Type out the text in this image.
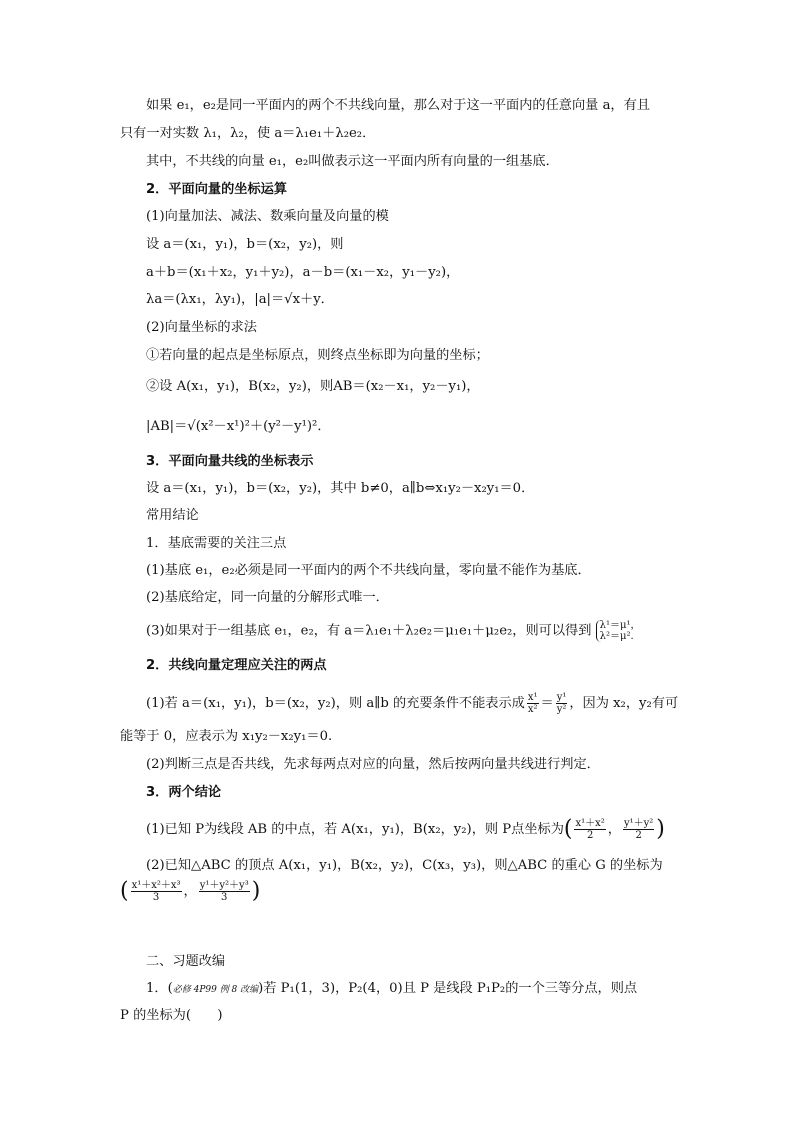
如果 e₁，e₂是同一平面内的两个不共线向量，那么对于这一平面内的任意向量 a，有且
只有一对实数 λ₁，λ₂，使 a＝λ₁e₁＋λ₂e₂．
其中，不共线的向量 e₁，e₂叫做表示这一平面内所有向量的一组基底．
2．平面向量的坐标运算
(1)向量加法、减法、数乘向量及向量的模
设 a＝(x₁，y₁)，b＝(x₂，y₂)，则
a＋b＝(x₁＋x₂，y₁＋y₂)，a－b＝(x₁－x₂，y₁－y₂)，
λa＝(λx₁，λy₁)，|a|＝√x＋y．
(2)向量坐标的求法
①若向量的起点是坐标原点，则终点坐标即为向量的坐标；
②设 A(x₁，y₁)，B(x₂，y₂)，则AB＝(x₂－x₁，y₂－y₁)，
|AB|＝√(x²－x¹)²＋(y²－y¹)²．
3．平面向量共线的坐标表示
设 a＝(x₁，y₁)，b＝(x₂，y₂)，其中 b≠0，a∥b⇔x₁y₂－x₂y₁＝0．
常用结论
1．基底需要的关注三点
(1)基底 e₁，e₂必须是同一平面内的两个不共线向量，零向量不能作为基底．
(2)基底给定，同一向量的分解形式唯一．
(3)如果对于一组基底 e₁，e₂，有 a＝λ₁e₁＋λ₂e₂＝μ₁e₁＋μ₂e₂，则可以得到 λ¹＝μ¹，
λ²＝μ².
2．共线向量定理应关注的两点
(1)若 a＝(x₁，y₁)，b＝(x₂，y₂)，则 a∥b 的充要条件不能表示成 $\frac{\text{x¹}}{\text{x²}} = \frac{\text{y¹}}{\text{y²}}$ ，因为 x₂，y₂有可
能等于 0，应表示为 x₁y₂－x₂y₁＝0.
(2)判断三点是否共线，先求每两点对应的向量，然后按两向量共线进行判定．
3．两个结论
(1)已知 P为线段 AB 的中点，若 A(x₁，y₁)，B(x₂，y₂)，则 P点坐标为( $\frac{\text{x¹＋x²}}{2}$ ， $\frac{\text{y¹＋y²}}{2}$ )
(2)已知△ABC 的顶点 A(x₁，y₁)，B(x₂，y₂)，C(x₃，y₃)，则△ABC 的重心 G 的坐标为
( $\frac{\text{x¹＋x²＋x³}}{3}$ ， $\frac{\text{y¹＋y²＋y³}}{3}$ )
二、习题改编
1．(必修 4P99 例 8 改编)若 P₁(1，3)，P₂(4，0)且 P 是线段 P₁P₂的一个三等分点，则点
P 的坐标为(　　)
